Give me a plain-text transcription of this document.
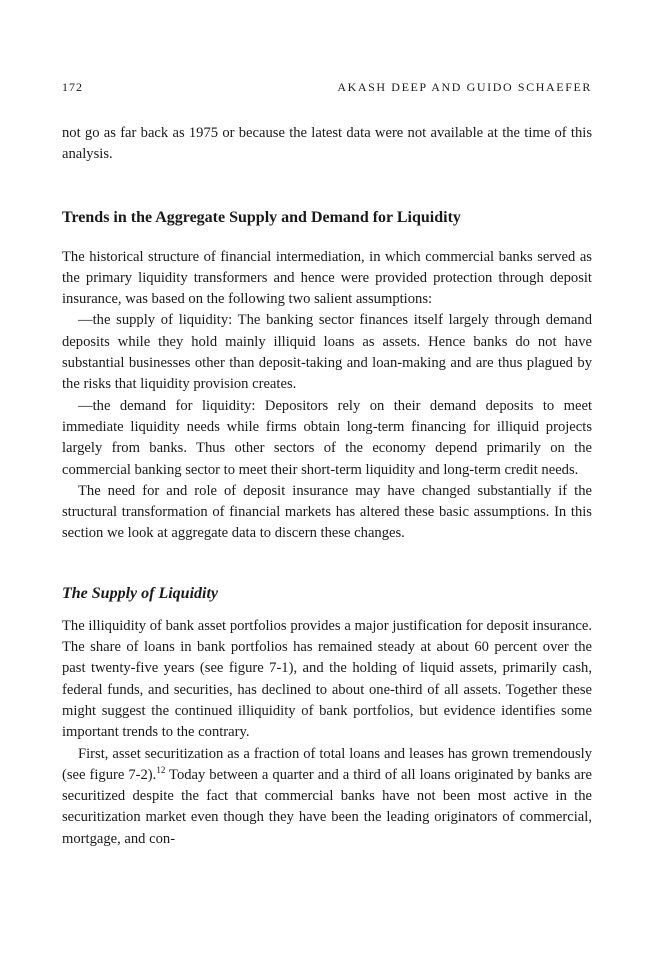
172	AKASH DEEP AND GUIDO SCHAEFER

not go as far back as 1975 or because the latest data were not available at the time of this analysis.

Trends in the Aggregate Supply and Demand for Liquidity

The historical structure of financial intermediation, in which commercial banks served as the primary liquidity transformers and hence were provided protection through deposit insurance, was based on the following two salient assumptions:

—the supply of liquidity: The banking sector finances itself largely through demand deposits while they hold mainly illiquid loans as assets. Hence banks do not have substantial businesses other than deposit-taking and loan-making and are thus plagued by the risks that liquidity provision creates.

—the demand for liquidity: Depositors rely on their demand deposits to meet immediate liquidity needs while firms obtain long-term financing for illiquid projects largely from banks. Thus other sectors of the economy depend primarily on the commercial banking sector to meet their short-term liquidity and long-term credit needs.

The need for and role of deposit insurance may have changed substantially if the structural transformation of financial markets has altered these basic assumptions. In this section we look at aggregate data to discern these changes.

The Supply of Liquidity

The illiquidity of bank asset portfolios provides a major justification for deposit insurance. The share of loans in bank portfolios has remained steady at about 60 percent over the past twenty-five years (see figure 7-1), and the holding of liquid assets, primarily cash, federal funds, and securities, has declined to about one-third of all assets. Together these might suggest the continued illiquidity of bank portfolios, but evidence identifies some important trends to the contrary.

First, asset securitization as a fraction of total loans and leases has grown tremendously (see figure 7-2).$^{12}$ Today between a quarter and a third of all loans originated by banks are securitized despite the fact that commercial banks have not been most active in the securitization market even though they have been the leading originators of commercial, mortgage, and con-
